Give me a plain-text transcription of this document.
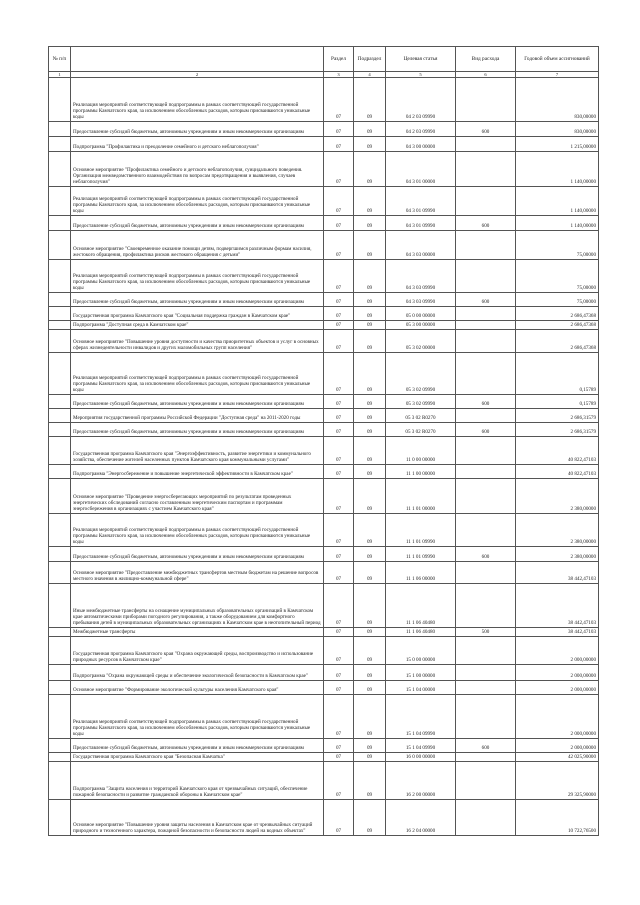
№ п/п		Раздел	Подраздел	Целевая статья	Вид расхода	Годовой объем ассигнований
1	2	3	4	5	6	7
	Реализация мероприятий соответствующей подпрограммы в рамках соответствующей государственной программы Камчатского края, за исключением обособленных расходов, которым присваиваются уникальные коды	07	09	04 2 03 09990		830,00000
	Предоставление субсидий бюджетным, автономным учреждениям и иным некоммерческим организациям	07	09	04 2 03 09990	600	830,00000
	Подпрограмма "Профилактика и преодоление семейного и детского неблагополучия"	07	09	04 3 00 00000		1 215,00000
	Основное мероприятие "Профилактика семейного и детского неблагополучия, суицидального поведения. Организация межведомственного взаимодействия по вопросам предотвращения и выявления, случаев неблагополучия"	07	09	04 3 01 00000		1 140,00000
	Реализация мероприятий соответствующей подпрограммы в рамках соответствующей государственной программы Камчатского края, за исключением обособленных расходов, которым присваиваются уникальные коды	07	09	04 3 01 09990		1 140,00000
	Предоставление субсидий бюджетным, автономным учреждениям и иным некоммерческим организациям	07	09	04 3 01 09990	600	1 140,00000
	Основное мероприятие "Своевременное оказание помощи детям, подвергшимся различным формам насилия, жестокого обращения, профилактика рисков жестокого обращения с детьми"	07	09	04 3 03 00000		75,00000
	Реализация мероприятий соответствующей подпрограммы в рамках соответствующей государственной программы Камчатского края, за исключением обособленных расходов, которым присваиваются уникальные коды	07	09	04 3 03 09990		75,00000
	Предоставление субсидий бюджетным, автономным учреждениям и иным некоммерческим организациям	07	09	04 3 03 09990	600	75,00000
	Государственная программа Камчатского края "Социальная поддержка граждан в Камчатском крае"	07	09	05 0 00 00000		2 686,47368
	Подпрограмма "Доступная среда в Камчатском крае"	07	09	05 3 00 00000		2 686,47368
	Основное мероприятие "Повышение уровня доступности и качества приоритетных объектов и услуг в основных сферах жизнедеятельности инвалидов и других маломобильных групп населения"	07	09	05 3 02 00000		2 686,47368
	Реализация мероприятий соответствующей подпрограммы в рамках соответствующей государственной программы Камчатского края, за исключением обособленных расходов, которым присваиваются уникальные коды	07	09	05 3 02 09990		0,15789
	Предоставление субсидий бюджетным, автономным учреждениям и иным некоммерческим организациям	07	09	05 3 02 09990	600	0,15789
	Мероприятия государственной программы Российской Федерации "Доступная среда" на 2011-2020 годы	07	09	05 3 02 R0270		2 686,31579
	Предоставление субсидий бюджетным, автономным учреждениям и иным некоммерческим организациям	07	09	05 3 02 R0270	600	2 686,31579
	Государственная программа Камчатского края "Энергоэффективность, развитие энергетики и коммунального хозяйства, обеспечение жителей населенных пунктов Камчатского края коммунальными услугами"	07	09	11 0 00 00000		40 822,47103
	Подпрограмма "Энергосбережение и повышение энергетической эффективности в Камчатском крае"	07	09	11 1 00 00000		40 822,47103
	Основное мероприятие "Проведение энергосберегающих мероприятий по результатам проведенных энергетических обследований согласно составленным энергетическим паспортам и программам энергосбережения в организациях с участием Камчатского края"	07	09	11 1 01 00000		2 380,00000
	Реализация мероприятий соответствующей подпрограммы в рамках соответствующей государственной программы Камчатского края, за исключением обособленных расходов, которым присваиваются уникальные коды	07	09	11 1 01 09990		2 380,00000
	Предоставление субсидий бюджетным, автономным учреждениям и иным некоммерческим организациям	07	09	11 1 01 09990	600	2 380,00000
	Основное мероприятие "Предоставление межбюджетных трансфертов местным бюджетам на решение вопросов местного значения в жилищно-коммунальной сфере"	07	09	11 1 06 00000		38 442,47103
	Иные межбюджетные трансферты на оснащение муниципальных образовательных организаций в Камчатском крае автоматическими приборами погодного регулирования, а также оборудованием для комфортного пребывания детей в муниципальных образовательных организациях в Камчатском крае в неотопительный период	07	09	11 1 06 40480		38 442,47103
	Межбюджетные трансферты	07	09	11 1 06 40480	500	38 442,47103
	Государственная программа Камчатского края "Охрана окружающей среды, воспроизводство и использование природных ресурсов в Камчатском крае"	07	09	15 0 00 00000		2 000,00000
	Подпрограмма "Охрана окружающей среды и обеспечение экологической безопасности в Камчатском крае"	07	09	15 1 00 00000		2 000,00000
	Основное мероприятие "Формирование экологической культуры населения Камчатского края"	07	09	15 1 04 00000		2 000,00000
	Реализация мероприятий соответствующей подпрограммы в рамках соответствующей государственной программы Камчатского края, за исключением обособленных расходов, которым присваиваются уникальные коды	07	09	15 1 04 09990		2 000,00000
	Предоставление субсидий бюджетным, автономным учреждениям и иным некоммерческим организациям	07	09	15 1 04 09990	600	2 000,00000
	Государственная программа Камчатского края "Безопасная Камчатка"	07	09	16 0 00 00000		42 025,90000
	Подпрограмма "Защита населения и территорий Камчатского края от чрезвычайных ситуаций, обеспечение пожарной безопасности и развитие гражданской обороны в Камчатском крае"	07	09	16 2 00 00000		29 325,90000
	Основное мероприятие "Повышение уровня защиты населения в Камчатском крае от чрезвычайных ситуаций природного и техногенного характера, пожарной безопасности и безопасности людей на водных объектах"	07	09	16 2 04 00000		10 722,76500
